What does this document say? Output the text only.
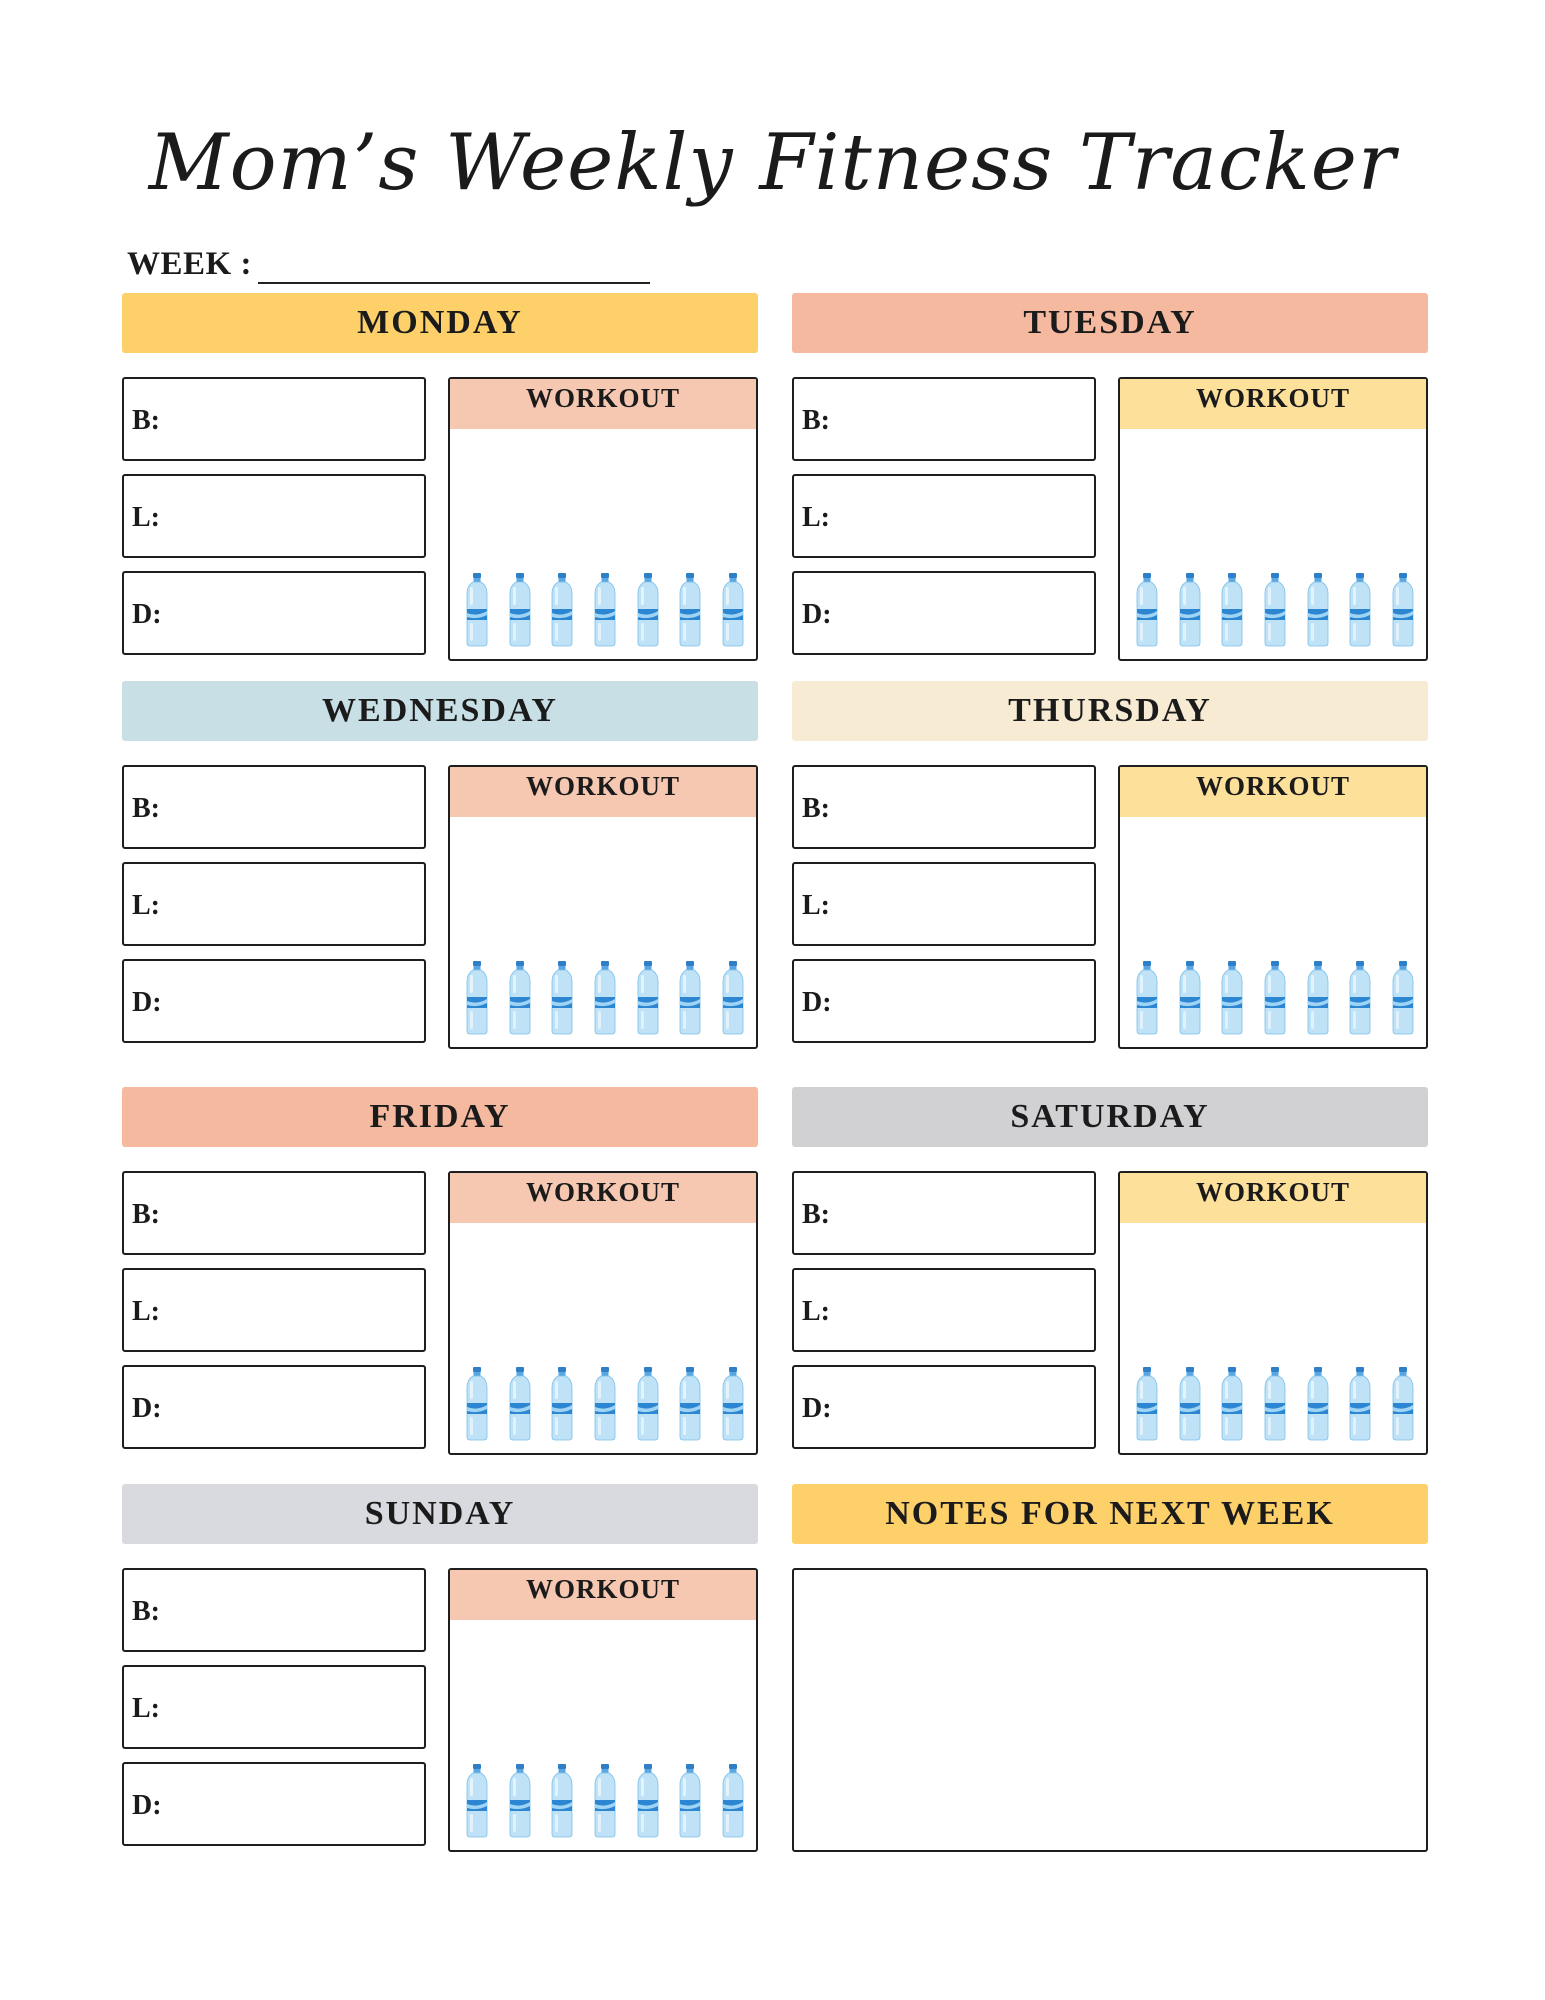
Mom’s Weekly Fitness Tracker
WEEK :
MONDAY
B:
L:
D:
WORKOUT
TUESDAY
B:
L:
D:
WORKOUT
WEDNESDAY
B:
L:
D:
WORKOUT
THURSDAY
B:
L:
D:
WORKOUT
FRIDAY
B:
L:
D:
WORKOUT
SATURDAY
B:
L:
D:
WORKOUT
SUNDAY
B:
L:
D:
WORKOUT
NOTES FOR NEXT WEEK
